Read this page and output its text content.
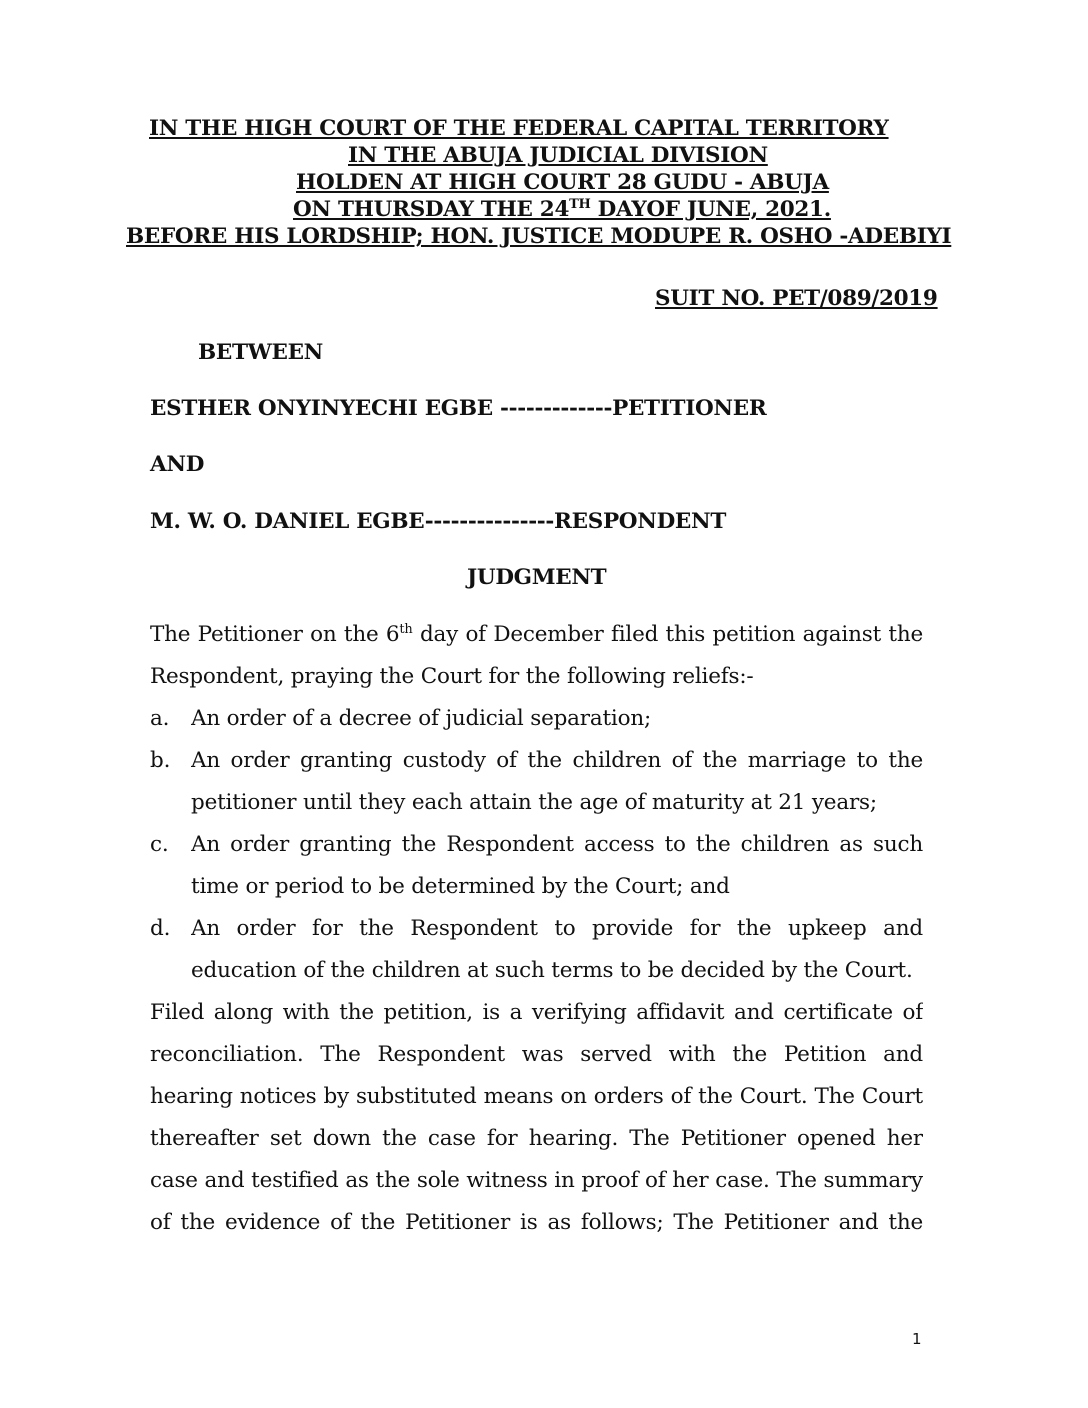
IN THE HIGH COURT OF THE FEDERAL CAPITAL TERRITORY
IN THE ABUJA JUDICIAL DIVISION
HOLDEN AT HIGH COURT 28 GUDU - ABUJA
ON THURSDAY THE 24TH DAYOF JUNE, 2021.
BEFORE HIS LORDSHIP; HON. JUSTICE MODUPE R. OSHO -ADEBIYI
SUIT NO. PET/089/2019
BETWEEN
ESTHER ONYINYECHI EGBE -------------PETITIONER
AND
M. W. O. DANIEL EGBE---------------RESPONDENT
JUDGMENT
The Petitioner on the 6th day of December filed this petition against the
Respondent, praying the Court for the following reliefs:-
a. An order of a decree of judicial separation;
b. An order granting custody of the children of the marriage to the
petitioner until they each attain the age of maturity at 21 years;
c. An order granting the Respondent access to the children as such
time or period to be determined by the Court; and
d. An order for the Respondent to provide for the upkeep and
education of the children at such terms to be decided by the Court.
Filed along with the petition, is a verifying affidavit and certificate of
reconciliation. The Respondent was served with the Petition and
hearing notices by substituted means on orders of the Court. The Court
thereafter set down the case for hearing. The Petitioner opened her
case and testified as the sole witness in proof of her case. The summary
of the evidence of the Petitioner is as follows; The Petitioner and the
1
